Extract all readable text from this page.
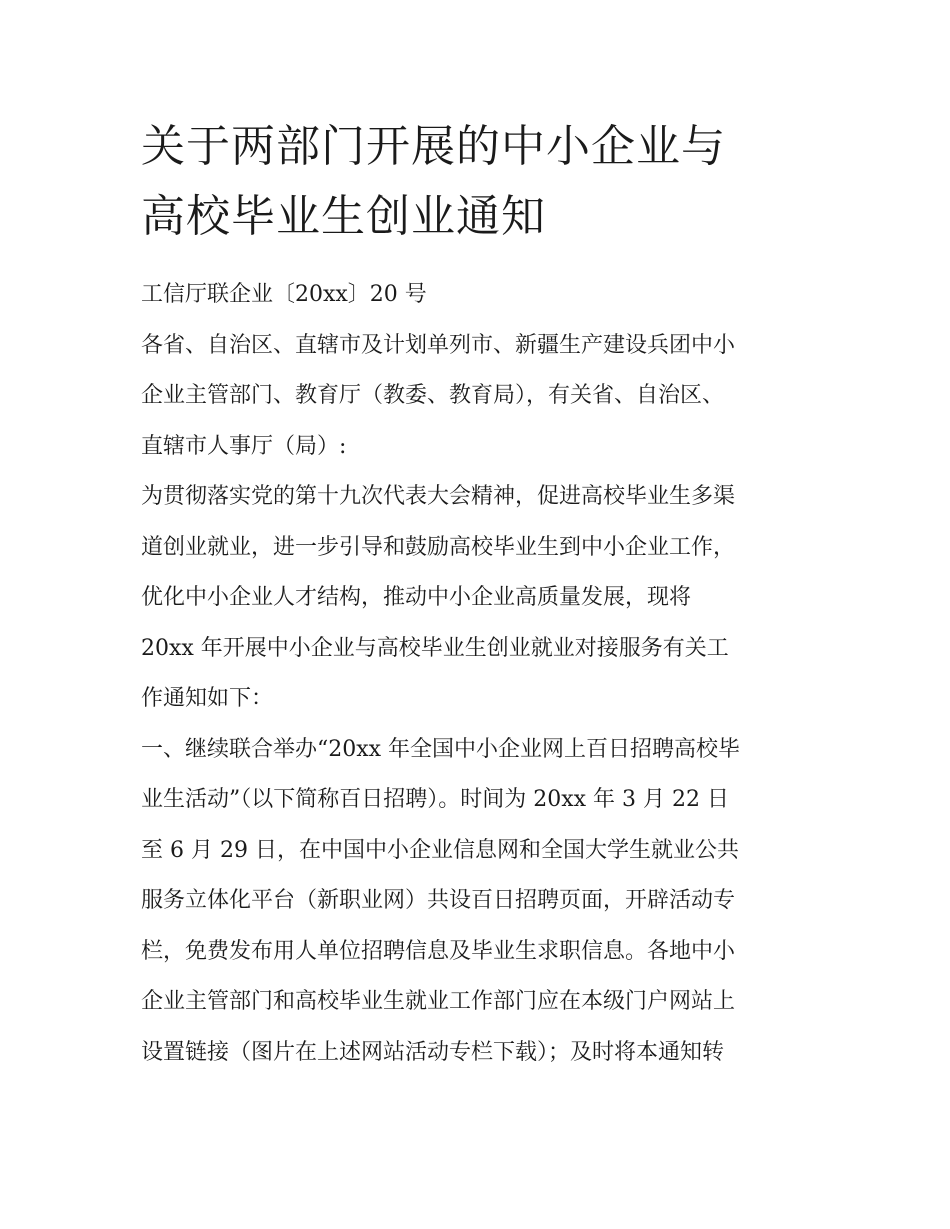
关于两部门开展的中小企业与
高校毕业生创业通知
工信厅联企业〔20xx〕20 号
各省、自治区、直辖市及计划单列市、新疆生产建设兵团中小
企业主管部门、教育厅（教委、教育局），有关省、自治区、
直辖市人事厅（局）:
为贯彻落实党的第十九次代表大会精神，促进高校毕业生多渠
道创业就业，进一步引导和鼓励高校毕业生到中小企业工作，
优化中小企业人才结构，推动中小企业高质量发展，现将
20xx 年开展中小企业与高校毕业生创业就业对接服务有关工
作通知如下：
一、继续联合举办“20xx 年全国中小企业网上百日招聘高校毕
业生活动”（以下简称百日招聘）。时间为 20xx 年 3 月 22 日
至 6 月 29 日，在中国中小企业信息网和全国大学生就业公共
服务立体化平台（新职业网）共设百日招聘页面，开辟活动专
栏，免费发布用人单位招聘信息及毕业生求职信息。各地中小
企业主管部门和高校毕业生就业工作部门应在本级门户网站上
设置链接（图片在上述网站活动专栏下载）；及时将本通知转
